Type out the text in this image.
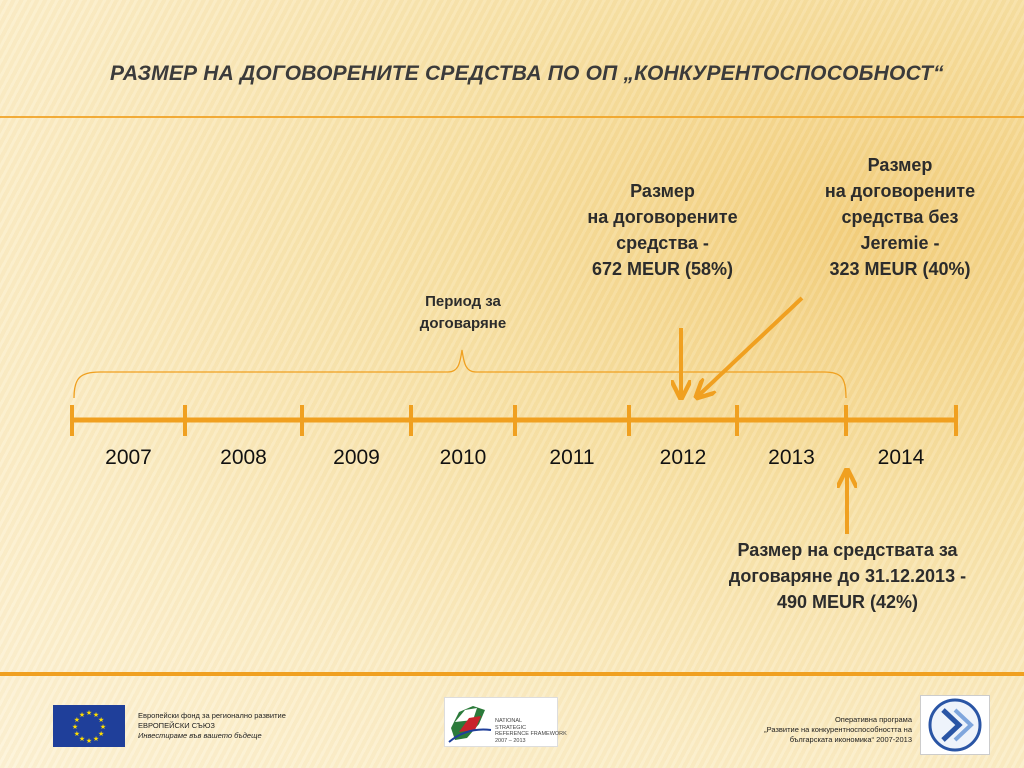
РАЗМЕР НА ДОГОВОРЕНИТЕ СРЕДСТВА ПО ОП „КОНКУРЕНТОСПОСОБНОСТ“
Период за
договаряне
Размер
на договорените
средства -
672 MEUR (58%)
Размер
на договорените
средства без
Jeremie -
323 MEUR (40%)
Размер на средствата за
договаряне до 31.12.2013 -
490 MEUR (42%)
2007	2008	2009	2010	2011	2012	2013	2014
★
★
★
★
★
★
★
★
★ ★ ★
★
Европейски фонд за регионално развитие
ЕВРОПЕЙСКИ СЪЮЗ
Инвестираме във вашето бъдеще
NATIONAL
STRATEGIC
REFERENCE FRAMEWORK
2007 – 2013
Оперативна програма
„Развитие на конкурентноспособността на
българската икономика“ 2007-2013
